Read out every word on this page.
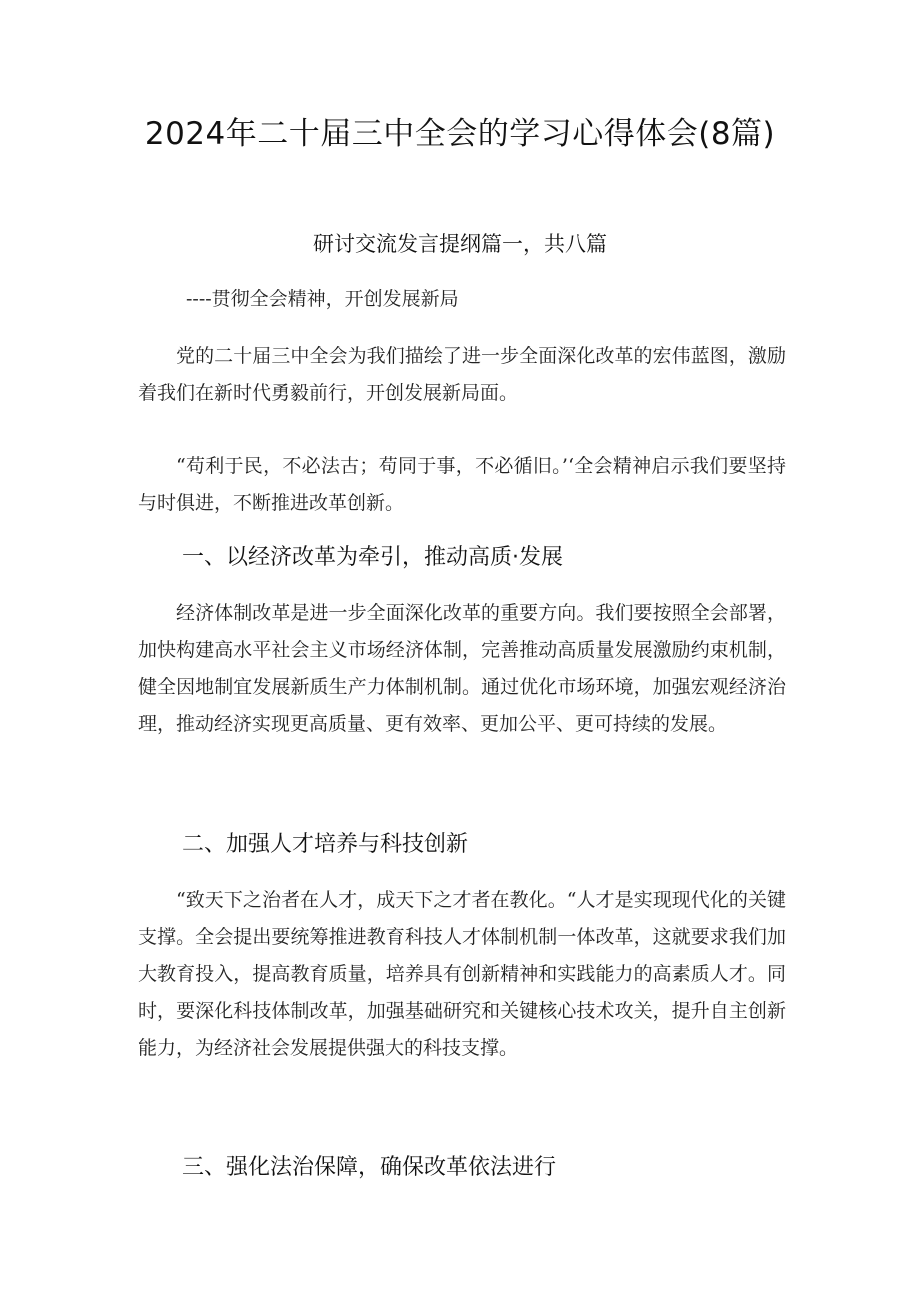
2024年二十届三中全会的学习心得体会(8篇)
研讨交流发言提纲篇一，共八篇
----贯彻全会精神，开创发展新局

党的二十届三中全会为我们描绘了进一步全面深化改革的宏伟蓝图，激励着我们在新时代勇毅前行，开创发展新局面。

“苟利于民，不必法古；苟同于事，不必循旧。’‘全会精神启示我们要坚持与时俱进，不断推进改革创新。

一、以经济改革为牵引，推动高质·发展

经济体制改革是进一步全面深化改革的重要方向。我们要按照全会部署，加快构建高水平社会主义市场经济体制，完善推动高质量发展激励约束机制，健全因地制宜发展新质生产力体制机制。通过优化市场环境，加强宏观经济治理，推动经济实现更高质量、更有效率、更加公平、更可持续的发展。

二、加强人才培养与科技创新

“致天下之治者在人才，成天下之才者在教化。“人才是实现现代化的关键支撑。全会提出要统筹推进教育科技人才体制机制一体改革，这就要求我们加大教育投入，提高教育质量，培养具有创新精神和实践能力的高素质人才。同时，要深化科技体制改革，加强基础研究和关键核心技术攻关，提升自主创新能力，为经济社会发展提供强大的科技支撑。

三、强化法治保障，确保改革依法进行
